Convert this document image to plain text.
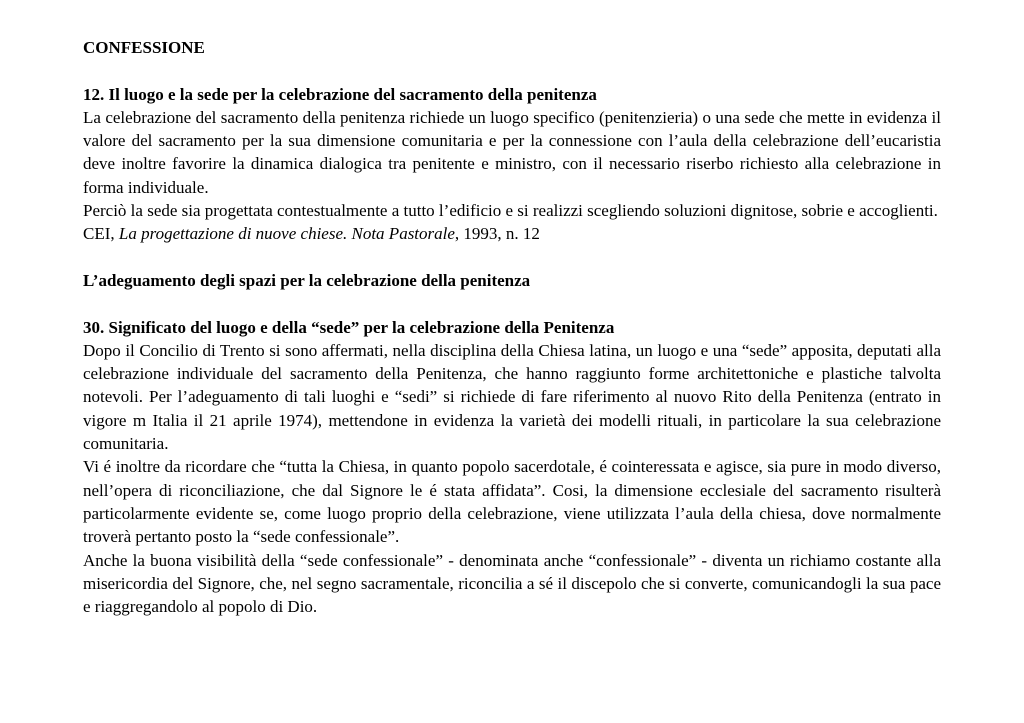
CONFESSIONE

12. Il luogo e la sede per la celebrazione del sacramento della penitenza

La celebrazione del sacramento della penitenza richiede un luogo specifico (penitenzieria) o una sede che mette in evidenza il valore del sacramento per la sua dimensione comunitaria e per la connessione con l’aula della celebrazione dell’eucaristia deve inoltre favorire la dinamica dialogica tra penitente e ministro, con il necessario riserbo richiesto alla celebrazione in forma individuale.

Perciò la sede sia progettata contestualmente a tutto l’edificio e si realizzi scegliendo soluzioni dignitose, sobrie e accoglienti.

CEI, La progettazione di nuove chiese. Nota Pastorale, 1993, n. 12

L’adeguamento degli spazi per la celebrazione della penitenza

30. Significato del luogo e della “sede” per la celebrazione della Penitenza

Dopo il Concilio di Trento si sono affermati, nella disciplina della Chiesa latina, un luogo e una “sede” apposita, deputati alla celebrazione individuale del sacramento della Penitenza, che hanno raggiunto forme architettoniche e plastiche talvolta notevoli. Per l’adeguamento di tali luoghi e “sedi” si richiede di fare riferimento al nuovo Rito della Penitenza (entrato in vigore m Italia il 21 aprile 1974), mettendone in evidenza la varietà dei modelli rituali, in particolare la sua celebrazione comunitaria.

Vi é inoltre da ricordare che “tutta la Chiesa, in quanto popolo sacerdotale, é cointeressata e agisce, sia pure in modo diverso, nell’opera di riconciliazione, che dal Signore le é stata affidata”. Cosi, la dimensione ecclesiale del sacramento risulterà particolarmente evidente se, come luogo proprio della celebrazione, viene utilizzata l’aula della chiesa, dove normalmente troverà pertanto posto la “sede confessionale”.

Anche la buona visibilità della “sede confessionale” - denominata anche “confessionale” - diventa un richiamo costante alla misericordia del Signore, che, nel segno sacramentale, riconcilia a sé il discepolo che si converte, comunicandogli la sua pace e riaggregandolo al popolo di Dio.
